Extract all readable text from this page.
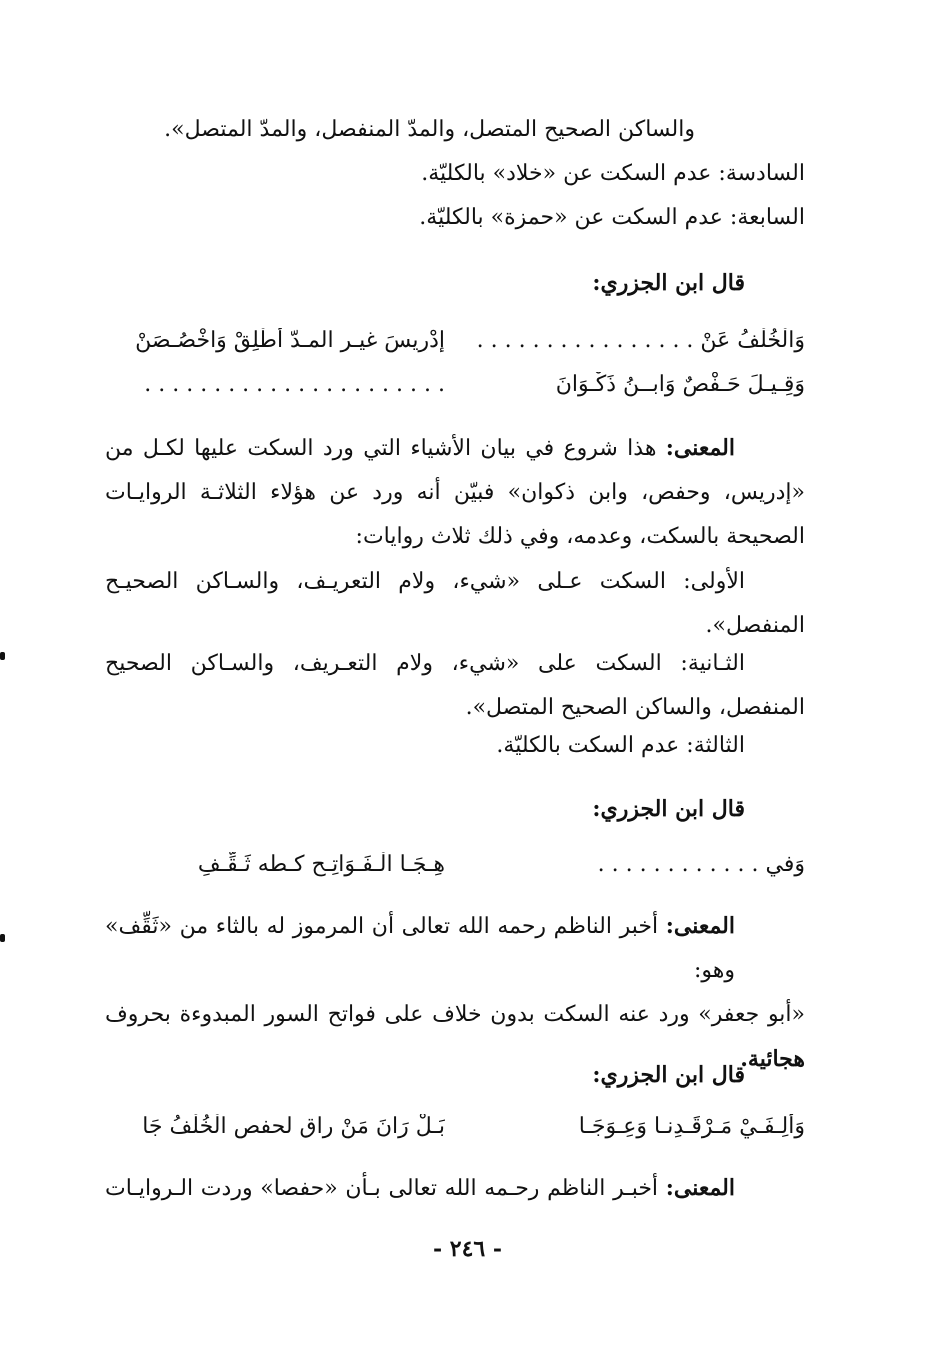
والساكن الصحيح المتصل، والمدّ المنفصل، والمدّ المتصل».
السادسة: عدم السكت عن «خلاد» بالكليّة.
السابعة: عدم السكت عن «حمزة» بالكليّة.
قال ابن الجزري:
وَالْخُلْفُ عَنْ . . . . . . . . . . . . . . . .
إِدْرِيسَ غيـر المـدّ أَطْلِقْ وَاخْصُـصَنْ
وَقِـيـلَ حَـفْصٌ وَابــنُ ذَكْـوَانَ
. . . . . . . . . . . . . . . . . . . . . .
المعنى: هذا شروع في بيان الأشياء التي ورد السكت عليها لكـل من
«إدريس، وحفص، وابن ذكوان» فبيّن أنه ورد عن هؤلاء الثلاثـة الروايـات
الصحيحة بالسكت، وعدمه، وفي ذلك ثلاث روايات:
الأولى: السكت عـلى «شيء، ولام التعريـف، والسـاكن الصحيـح
المنفصل».
الثـانية: السكت على «شيء، ولام التعـريف، والسـاكن الصحيح
المنفصل، والساكن الصحيح المتصل».
الثالثة: عدم السكت بالكليّة.
قال ابن الجزري:
وَفي . . . . . . . . . . . .
هِـجَـا الْـفَـوَاتِـح كـطه ثَـقِّـفِ
المعنى: أخبر الناظم رحمه الله تعالى أن المرموز له بالثاء من «ثَقِّف» وهو:
«أبو جعفر» ورد عنه السكت بدون خلاف على فواتح السور المبدوءة بحروف
هجائية.
قال ابن الجزري:
وَأَلِـفَـيْ مَـرْقَـدِنـا وَعِـوَجَـا
بَـلْ رَانَ مَنْ راق لحفص الْخُلْفُ جَا
المعنى: أخبـر الناظم رحـمه الله تعالى بـأن «حفصا» وردت الـروايـات
- ٢٤٦ -
